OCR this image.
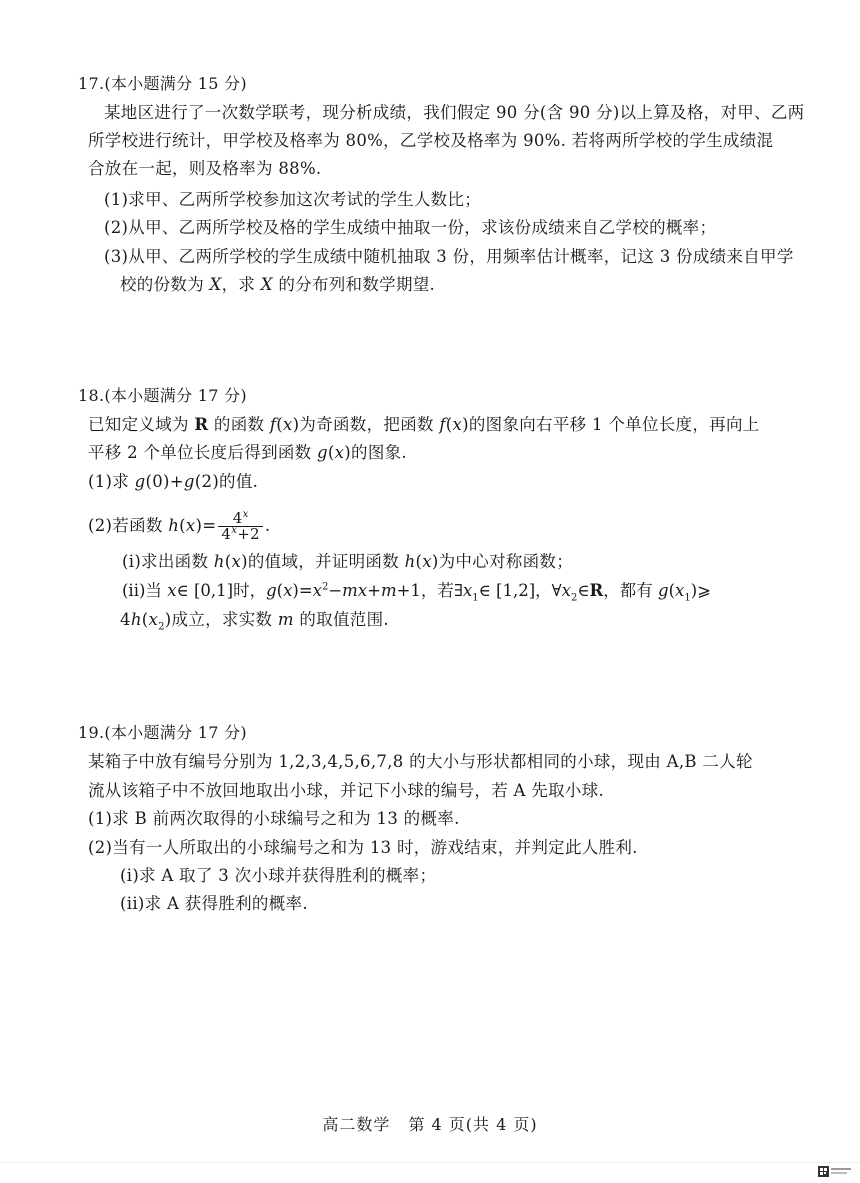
17.(本小题满分 15 分)
某地区进行了一次数学联考，现分析成绩，我们假定 90 分(含 90 分)以上算及格，对甲、乙两
所学校进行统计，甲学校及格率为 80%，乙学校及格率为 90%. 若将两所学校的学生成绩混
合放在一起，则及格率为 88%.
(1)求甲、乙两所学校参加这次考试的学生人数比；
(2)从甲、乙两所学校及格的学生成绩中抽取一份，求该份成绩来自乙学校的概率；
(3)从甲、乙两所学校的学生成绩中随机抽取 3 份，用频率估计概率，记这 3 份成绩来自甲学
校的份数为 X，求 X 的分布列和数学期望.
18.(本小题满分 17 分)
已知定义域为 R 的函数 f(x)为奇函数，把函数 f(x)的图象向右平移 1 个单位长度，再向上
平移 2 个单位长度后得到函数 g(x)的图象.
(1)求 g(0)+g(2)的值.
(2)若函数 $h(x)= \frac{4^x}{4^x+2}$ .
(i)求出函数 h(x)的值域，并证明函数 h(x)为中心对称函数；
(ii)当 x∈ [0,1]时，$g(x)=x^2-mx+m+1$，若$\exists x_1\in$ [1,2]，$\forall x_2\in R$，都有 $g(x_1)⩾$
$4h(x_2)$成立，求实数 m 的取值范围.
19.(本小题满分 17 分)
某箱子中放有编号分别为 1,2,3,4,5,6,7,8 的大小与形状都相同的小球，现由 A,B 二人轮
流从该箱子中不放回地取出小球，并记下小球的编号，若 A 先取小球.
(1)求 B 前两次取得的小球编号之和为 13 的概率.
(2)当有一人所取出的小球编号之和为 13 时，游戏结束，并判定此人胜利.
(i)求 A 取了 3 次小球并获得胜利的概率；
(ii)求 A 获得胜利的概率.
高二数学 第 4 页(共 4 页)
